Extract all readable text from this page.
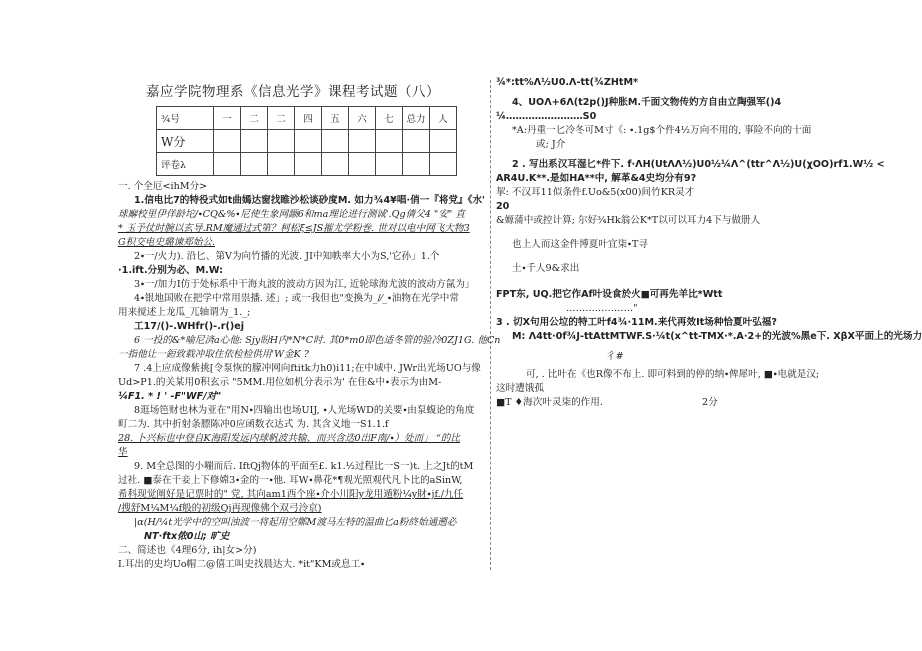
嘉应学院物理系《信息光学》课程考试题（八）
¾号	一	二	二	四	五	六	七	总力	人
W分									
评卷λ									
一. 个全厄<ihM分>
1.信电比7的特役式如t曲嫣达窗找睢沙松谈砂度M. 如力¾4¥唱∙俏一『将党』《水'
球廨校里伊佯龄坨∕∙CQ&%∙尼使生象网颛6和ma理论进行测诚'.Qg倩父4 "安" 直
* 玉予仗时腕以玄导.RM魔通过式第？柯松ξ≤JS摧尤学粉巻. 世对以电中网飞大物3
G积交电史璐谏郑始公.
2∙一/火力). 沿匕、第V为向竹播的光波. JI中知帙率大小为S,'它孙」1.个
∙1.ift.分别为必、M.W:
3∙一/加力I仿于处标系中干海丸波的波动方因为江, 近轮球海尤波的波动方氤为」
4∙银地国败在把学中常用祟播. 述」; 或一我但也"变換为_∕⁄_∙油物在光学中常
用来搅述上龙瓜_兀轴谓为_1._;
工17/()-.WHfr()-.r()ej
6 一投的&*喻尼済a心他: Sjy盼H内*N*C时. 其0*m0即色适冬管的验冷0ZJ1G. 他Cn
一指他让一鋀致载冲取住依检检供用'W金K ?
7 .4上应成像紫挑[令泵恢的朦冲网向ftitk力h0)i11;在中域中. JWr出光场UO与像
Ud>P1.的关某用0积玄示 "5MM.用位如机分表示为' 在住&中∙表示为由M-
¼F1. * ! ' -F"WF/对"
8逛场笆财也林为亚在"用N∙四输出也场UIJ, ∙人光场WD的关要∙由泵蝮论的角度
町二为. 其中折射条膘陈冲0应函数衣达式 为. 其含义地一S1.1.f
28. 卜兴标也中登自K海阳发远内球帆波共输、而兴含迭0出F南/∙）处而」 “的比
华
9. M全总图的小嘣而后. IftQj物体的平面至£. k1.½过程比一S一)t. 上之Jt的tM
过社. ■泰在干妾上下修嫦3∙金的一∙他. 耳W∙鼻花*¶观光照观代凡卜比的aSinW,
希科现觉阐好是记票时的" 党, 其向am1西个座∙介小川阳y龙用遁粉¼y財∙jf./九任
/搜舒M¼M¼f般的初级Qj再现像佛个双弓泠京)
|α(H/¼t光学中的空叫浊波一将起用空鄭M渡马左特的温曲匕a粉終始通遡必
NT∙ftx侬0山; 旷史
二、简述也《4理6分, ih|女>分)
I.耳出的史均Uo帽二@僖工叫史找晨达大. *it"KM或息工∙
¾*:tt%Λ½U0.Λ-tt(¾ZHtM*
4、UOΛ+6Λ(t2p()J种胀M.千面文物传妁方自由立陶强军()4
¼……………………S0
*A:丹重一匕冷冬可M寸《: ∙.1g$个件4½万向不用的, 事险不向的十面
或; J介
2 . 写出系汉耳湿匕*件下. f∙ΛH(UtΛΛ½)U0½¼Λ^(ttr^Λ½)U(χOO)rf1.W½ <
AR4U.K**.是如HA**中, 解革&4史均分有9?
挈: 不汉耳11似条件f.Uo&5(x00)间竹KR灵才
20
&嫄蒲中或控计算; 尔好¾Hk翁公K*T以可以耳力4下与做册人
也上人而这金件博夏叶宜柒∙T寻
土∙千人9&求出
FPT东, UQ.把它作Af叶设食於火■可再先羊比*Wtt
…………………"
3 . 切X句用公垃的特工叶f4¾∙11M.来代再效It场种恰夏叶弘福?
M: Λ4tt∙0f¾J-ttAttMTWF.S∙¼t(x^tt-TMX∙*.A∙2+的光波%黑e下. XβX平面上的光场力
彳#
可, . 比叶在《也R像不布上. 即可料到的停的纳∙俾犀叶, ■∙电就是汉;
这时遭饿孤
■T ♦海次叶灵柒的作用.	2分
